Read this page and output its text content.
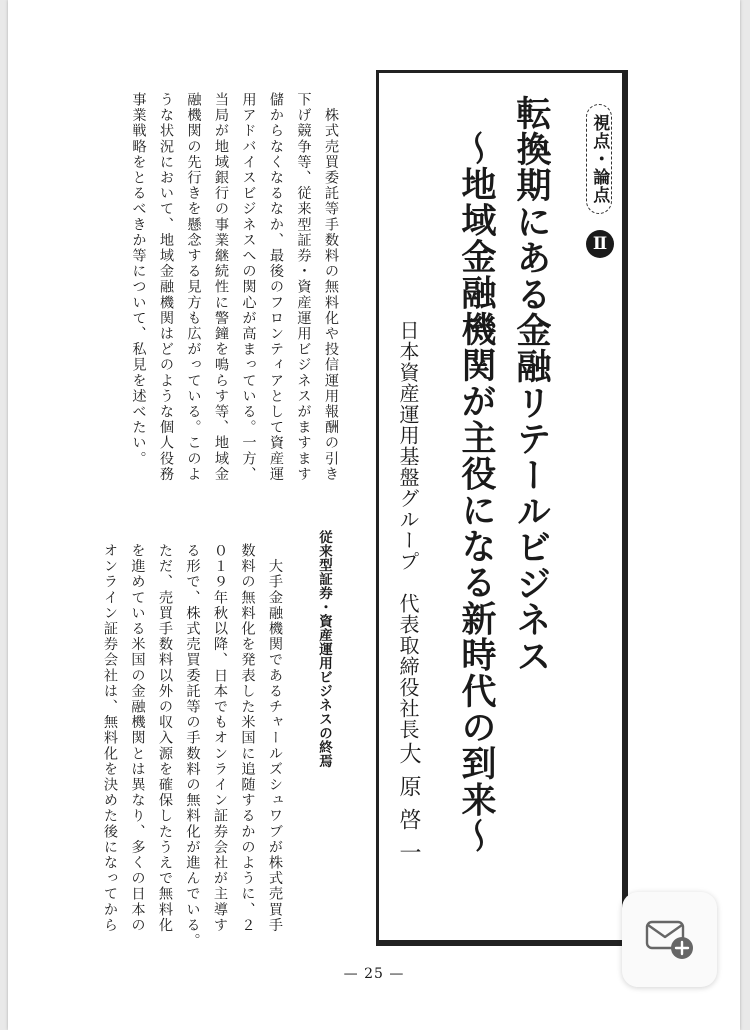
視点・論点
Ⅱ
転換期にある金融リテールビジネス
〜地域金融機関が主役になる新時代の到来〜
日本資産運用基盤グループ　代表取締役社長
大原啓一
　株式売買委託等手数料の無料化や投信運用報酬の引き
下げ競争等、従来型証券・資産運用ビジネスがますます
儲からなくなるなか、最後のフロンティアとして資産運
用アドバイスビジネスへの関心が高まっている。一方、
当局が地域銀行の事業継続性に警鐘を鳴らす等、地域金
融機関の先行きを懸念する見方も広がっている。このよ
うな状況において、地域金融機関はどのような個人役務
事業戦略をとるべきか等について、私見を述べたい。
従来型証券・資産運用ビジネスの終焉
　大手金融機関であるチャールズシュワブが株式売買手
数料の無料化を発表した米国に追随するかのように、２
０１９年秋以降、日本でもオンライン証券会社が主導す
る形で、株式売買委託等の手数料の無料化が進んでいる。
ただ、売買手数料以外の収入源を確保したうえで無料化
を進めている米国の金融機関とは異なり、多くの日本の
オンライン証券会社は、無料化を決めた後になってから
— 25 —
